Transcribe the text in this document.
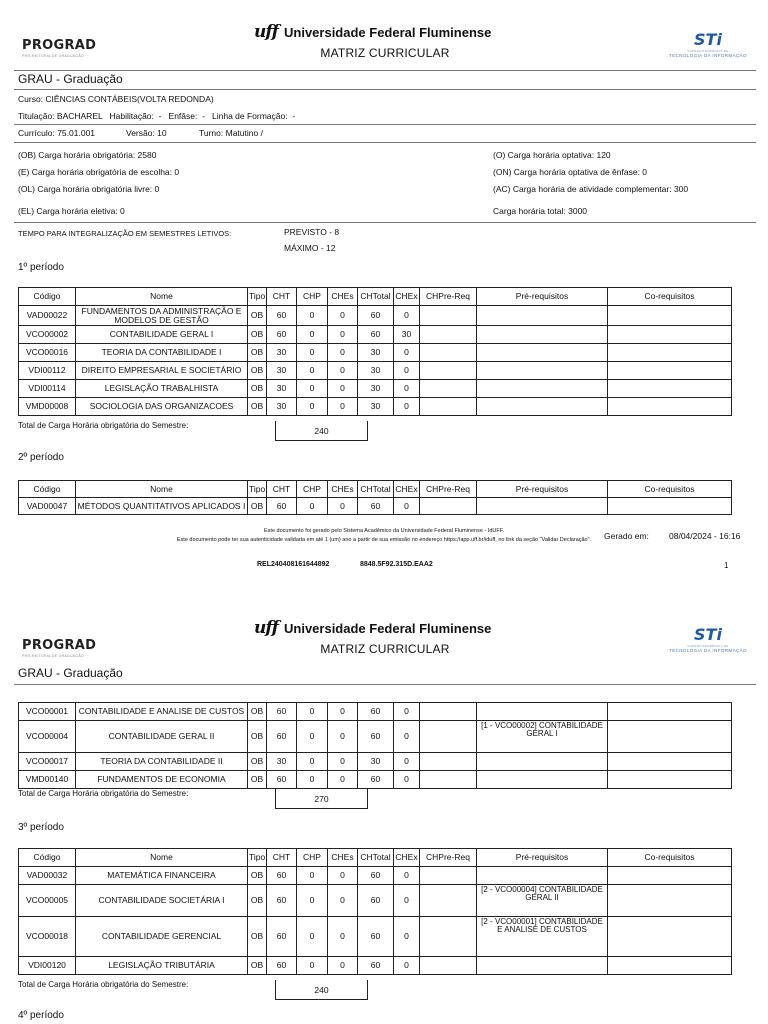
PROGRAD
PRÓ-REITORIA DE GRADUAÇÃO
uff Universidade Federal Fluminense
MATRIZ CURRICULAR
STi
SUPERINTENDÊNCIA DE
TECNOLOGIA DA INFORMAÇÃO
GRAU - Graduação
Curso: CIÊNCIAS CONTÁBEIS(VOLTA REDONDA)
Titulação: BACHAREL   Habilitação:  -   Enfâse:  -   Linha de Formação:  -
Currículo: 75.01.001	Versão: 10	Turno: Matutino /
(OB) Carga horária obrigatória: 2580
(E) Carga horária obrigatória de escolha: 0
(OL) Carga horária obrigatória livre: 0
(EL) Carga horária eletiva: 0
(O) Carga horária optativa: 120
(ON) Carga horária optativa de ênfase: 0
(AC) Carga horária de atividade complementar: 300
Carga horária total: 3000
TEMPO PARA INTEGRALIZAÇÃO EM SEMESTRES LETIVOS:	PREVISTO - 8
MÁXIMO - 12
1º período
Código	Nome	Tipo	CHT	CHP	CHEs	CHTotal	CHEx	CHPre-Req	Pré-requisitos	Co-requisitos
VAD00022	FUNDAMENTOS DA ADMINISTRAÇÃO E MODELOS DE GESTÃO	OB	60	0	0	60	0			
VCO00002	CONTABILIDADE GERAL I	OB	60	0	0	60	30			
VCO00016	TEORIA DA CONTABILIDADE I	OB	30	0	0	30	0			
VDI00112	DIREITO EMPRESARIAL E SOCIETÁRIO	OB	30	0	0	30	0			
VDI00114	LEGISLAÇÃO TRABALHISTA	OB	30	0	0	30	0			
VMD00008	SOCIOLOGIA DAS ORGANIZACOES	OB	30	0	0	30	0			
Total de Carga Horária obrigatória do Semestre:
240
2º período
Código	Nome	Tipo	CHT	CHP	CHEs	CHTotal	CHEx	CHPre-Req	Pré-requisitos	Co-requisitos
VAD00047	MÉTODOS QUANTITATIVOS APLICADOS I	OB	60	0	0	60	0			
Este documento foi gerado pelo Sistema Acadêmico da Universidade Federal Fluminense - IdUFF.
Este documento pode ter sua autenticidade validada em até 1 (um) ano a partir de sua emissão no endereço https://app.uff.br/iduff, no link da seção "Validar Declaração".	Gerado em: 08/04/2024 - 16:16
REL240408161644892	8848.5F92.315D.EAA2	1
PROGRAD
PRÓ-REITORIA DE GRADUAÇÃO
uff Universidade Federal Fluminense
MATRIZ CURRICULAR
STi
SUPERINTENDÊNCIA DE
TECNOLOGIA DA INFORMAÇÃO
GRAU - Graduação
VCO00001	CONTABILIDADE E ANALISE DE CUSTOS	OB	60	0	0	60	0			
VCO00004	CONTABILIDADE GERAL II	OB	60	0	0	60	0		[1 - VCO00002] CONTABILIDADE GERAL I	
VCO00017	TEORIA DA CONTABILIDADE II	OB	30	0	0	30	0			
VMD00140	FUNDAMENTOS DE ECONOMIA	OB	60	0	0	60	0			
Total de Carga Horária obrigatória do Semestre:
270
3º período
Código	Nome	Tipo	CHT	CHP	CHEs	CHTotal	CHEx	CHPre-Req	Pré-requisitos	Co-requisitos
VAD00032	MATEMÁTICA FINANCEIRA	OB	60	0	0	60	0			
VCO00005	CONTABILIDADE SOCIETÁRIA I	OB	60	0	0	60	0		[2 - VCO00004] CONTABILIDADE GERAL II	
VCO00018	CONTABILIDADE GERENCIAL	OB	60	0	0	60	0		[2 - VCO00001] CONTABILIDADE E ANALISE DE CUSTOS	
VDI00120	LEGISLAÇÃO TRIBUTÁRIA	OB	60	0	0	60	0			
Total de Carga Horária obrigatória do Semestre:
240
4º período
